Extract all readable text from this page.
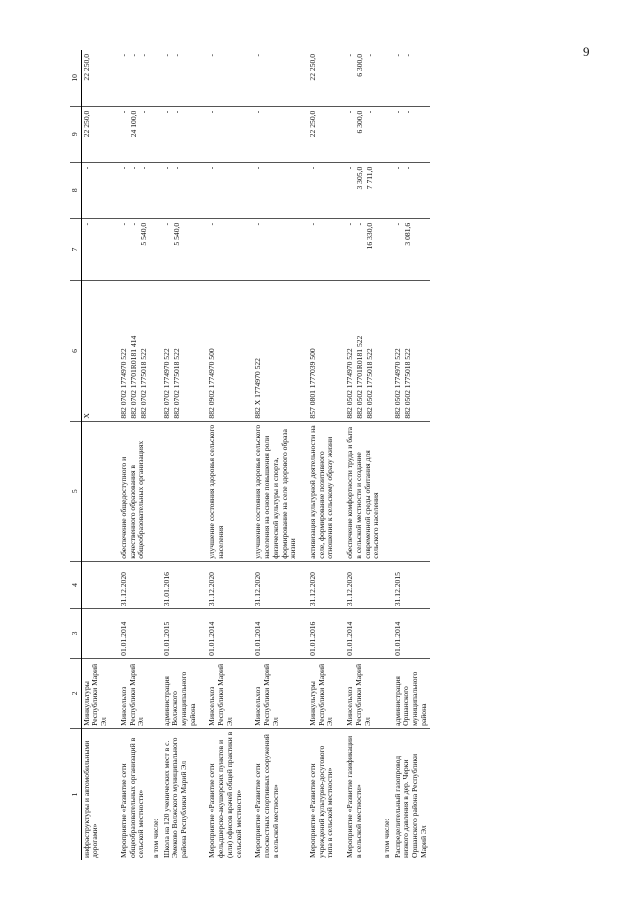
9
1	2	3	4	5	6	7	8	9	10
инфраструктуры и автомобильными дорогами»	Минкультуры Республики Марий Эл				X	-	-	22 250,0	22 250,0

Мероприятие «Развитие сети общеобразовательных организаций в сельской местности»	Минсельхоз Республики Марий Эл	01.01.2014	31.12.2020	обеспечение общедоступного и качественного образования в общеобразовательных организациях	882 0702 1774970 522 882 0702 17701R0181 414 882 0702 1775018 522	- - 5 540,0	- - -	- 24 100,0 -	- - -

в том числе:									
Школа на 120 ученических мест в с. Эмеково Волжского муниципального района Республики Марий Эл	администрация Волжского муниципального района	01.01.2015	31.01.2016		882 0702 1774970 522 882 0702 1775018 522	- 5 540,0	- -	- -	- -

Мероприятие «Развитие сети фельдшерско-акушерских пунктов и (или) офисов врачей общей практики в сельской местности»	Минсельхоз Республики Марий Эл	01.01.2014	31.12.2020	улучшение состояния здоровья сельского населения	882 0902 1774970 500	-	-	-	-

Мероприятие «Развитие сети плоскостных спортивных сооружений в сельской местности»	Минсельхоз Республики Марий Эл	01.01.2014	31.12.2020	улучшение состояния здоровья сельского населения на основе повышения роли физической культуры и спорта, формирование на селе здорового образа жизни	882 X 1774970 522	-	-	-	-

Мероприятие «Развитие сети учреждений культурно-досугового типа в сельской местности»	Минкультуры Республики Марий Эл	01.01.2016	31.12.2020	активизация культурной деятельности на селе, формирование позитивного отношения к сельскому образу жизни	857 0801 1777039 500	-	-	22 250,0	22 250,0

Мероприятие «Развитие газификации в сельской местности»	Минсельхоз Республики Марий Эл	01.01.2014	31.12.2020	обеспечение комфортности труда и быта в сельской местности и создание современной среды обитания для сельского населения	882 0502 1774970 522 882 0502 17701R0181 522 882 0502 1775018 522	- - 16 330,0	- 3 305,0 7 711,0	- 6 300,0 -	- 6 300,0 -

в том числе:									
Распределительный газопровод низкого давления в дер. Черки Оршанского района Республики Марий Эл	администрация Оршанского муниципального района	01.01.2014	31.12.2015		882 0502 1774970 522 882 0502 1775018 522	- 3 081,6	- -	- -	- -
